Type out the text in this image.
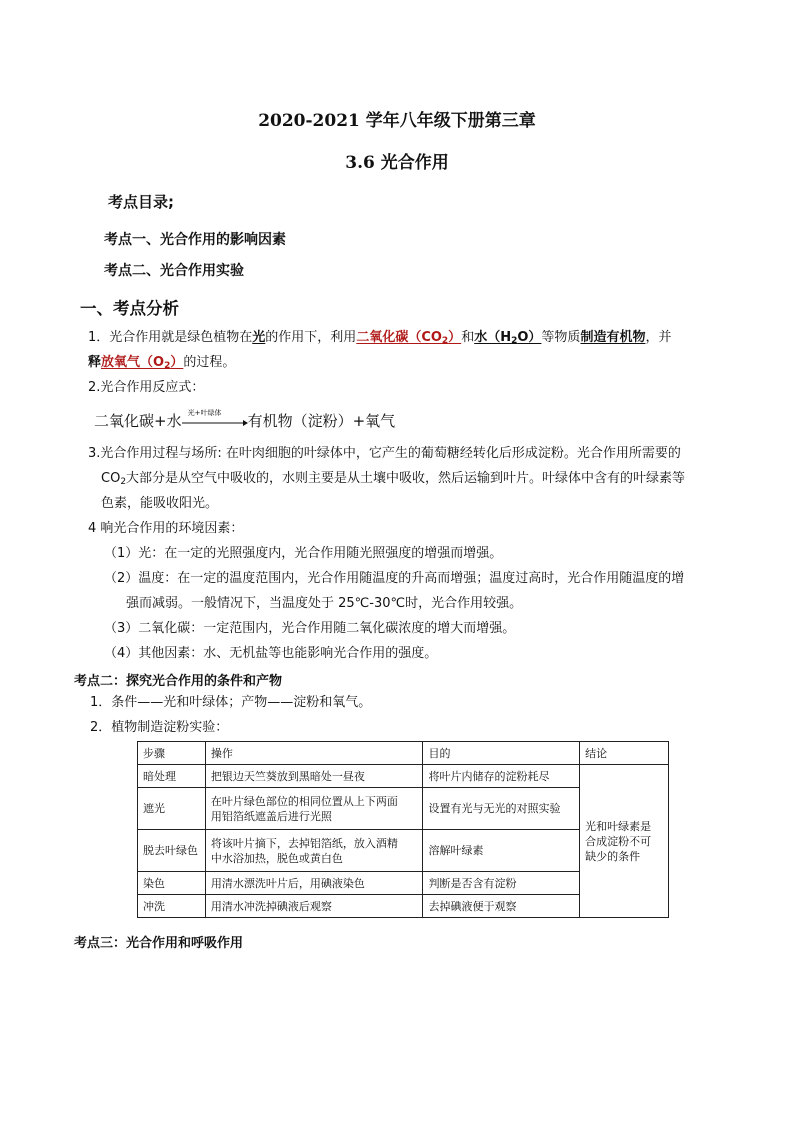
2020-2021 学年八年级下册第三章
3.6 光合作用
考点目录;
考点一、光合作用的影响因素
考点二、光合作用实验
一、考点分析
1．光合作用就是绿色植物在光的作用下，利用二氧化碳$(CO_2)$和水$(H_2O)$等物质制造有机物，并
释放氧气$(O_2)$的过程。
2.光合作用反应式：
二氧化碳+水 光+叶绿体 有机物（淀粉）+氧气
3.光合作用过程与场所: 在叶肉细胞的叶绿体中，它产生的葡萄糖经转化后形成淀粉。光合作用所需要的
$CO_2$大部分是从空气中吸收的，水则主要是从土壤中吸收，然后运输到叶片。叶绿体中含有的叶绿素等
色素，能吸收阳光。
4 响光合作用的环境因素：
（1）光：在一定的光照强度内，光合作用随光照强度的增强而增强。
（2）温度：在一定的温度范围内，光合作用随温度的升高而增强；温度过高时，光合作用随温度的增
强而减弱。一般情况下，当温度处于 25℃-30℃时，光合作用较强。
（3）二氧化碳：一定范围内，光合作用随二氧化碳浓度的增大而增强。
（4）其他因素：水、无机盐等也能影响光合作用的强度。
考点二：探究光合作用的条件和产物
1．条件——光和叶绿体；产物——淀粉和氧气。
2．植物制造淀粉实验：
步骤	操作	目的	结论
暗处理	把银边天竺葵放到黑暗处一昼夜	将叶片内储存的淀粉耗尽	光和叶绿素是
合成淀粉不可
缺少的条件

遮光	在叶片绿色部位的相同位置从上下两面
用铝箔纸遮盖后进行光照	设置有光与无光的对照实验	
脱去叶绿色	将该叶片摘下，去掉铝箔纸，放入酒精
中水浴加热，脱色或黄白色	溶解叶绿素	
染色	用清水漂洗叶片后，用碘液染色	判断是否含有淀粉	
冲洗	用清水冲洗掉碘液后观察	去掉碘液便于观察	
考点三：光合作用和呼吸作用
